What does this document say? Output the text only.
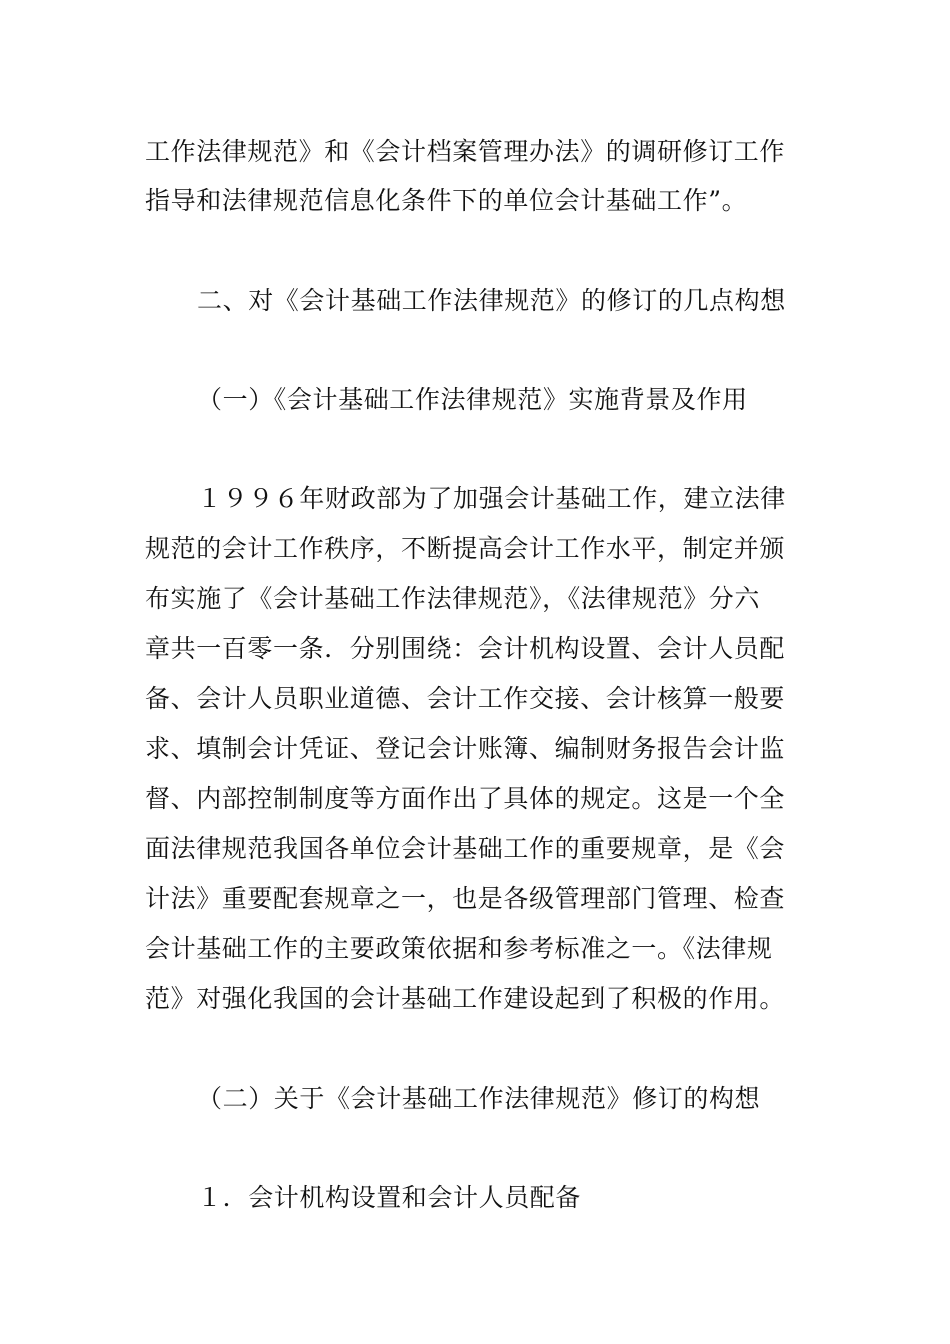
工作法律规范》和《会计档案管理办法》的调研修订工作
指导和法律规范信息化条件下的单位会计基础工作”。
二、对《会计基础工作法律规范》的修订的几点构想
（一）《会计基础工作法律规范》实施背景及作用
１９９６年财政部为了加强会计基础工作，建立法律
规范的会计工作秩序，不断提高会计工作水平，制定并颁
布实施了《会计基础工作法律规范》，《法律规范》分六
章共一百零一条．分别围绕：会计机构设置、会计人员配
备、会计人员职业道德、会计工作交接、会计核算一般要
求、填制会计凭证、登记会计账簿、编制财务报告会计监
督、内部控制制度等方面作出了具体的规定。这是一个全
面法律规范我国各单位会计基础工作的重要规章，是《会
计法》重要配套规章之一，也是各级管理部门管理、检查
会计基础工作的主要政策依据和参考标准之一。《法律规
范》对强化我国的会计基础工作建设起到了积极的作用。
（二）关于《会计基础工作法律规范》修订的构想
１．会计机构设置和会计人员配备
